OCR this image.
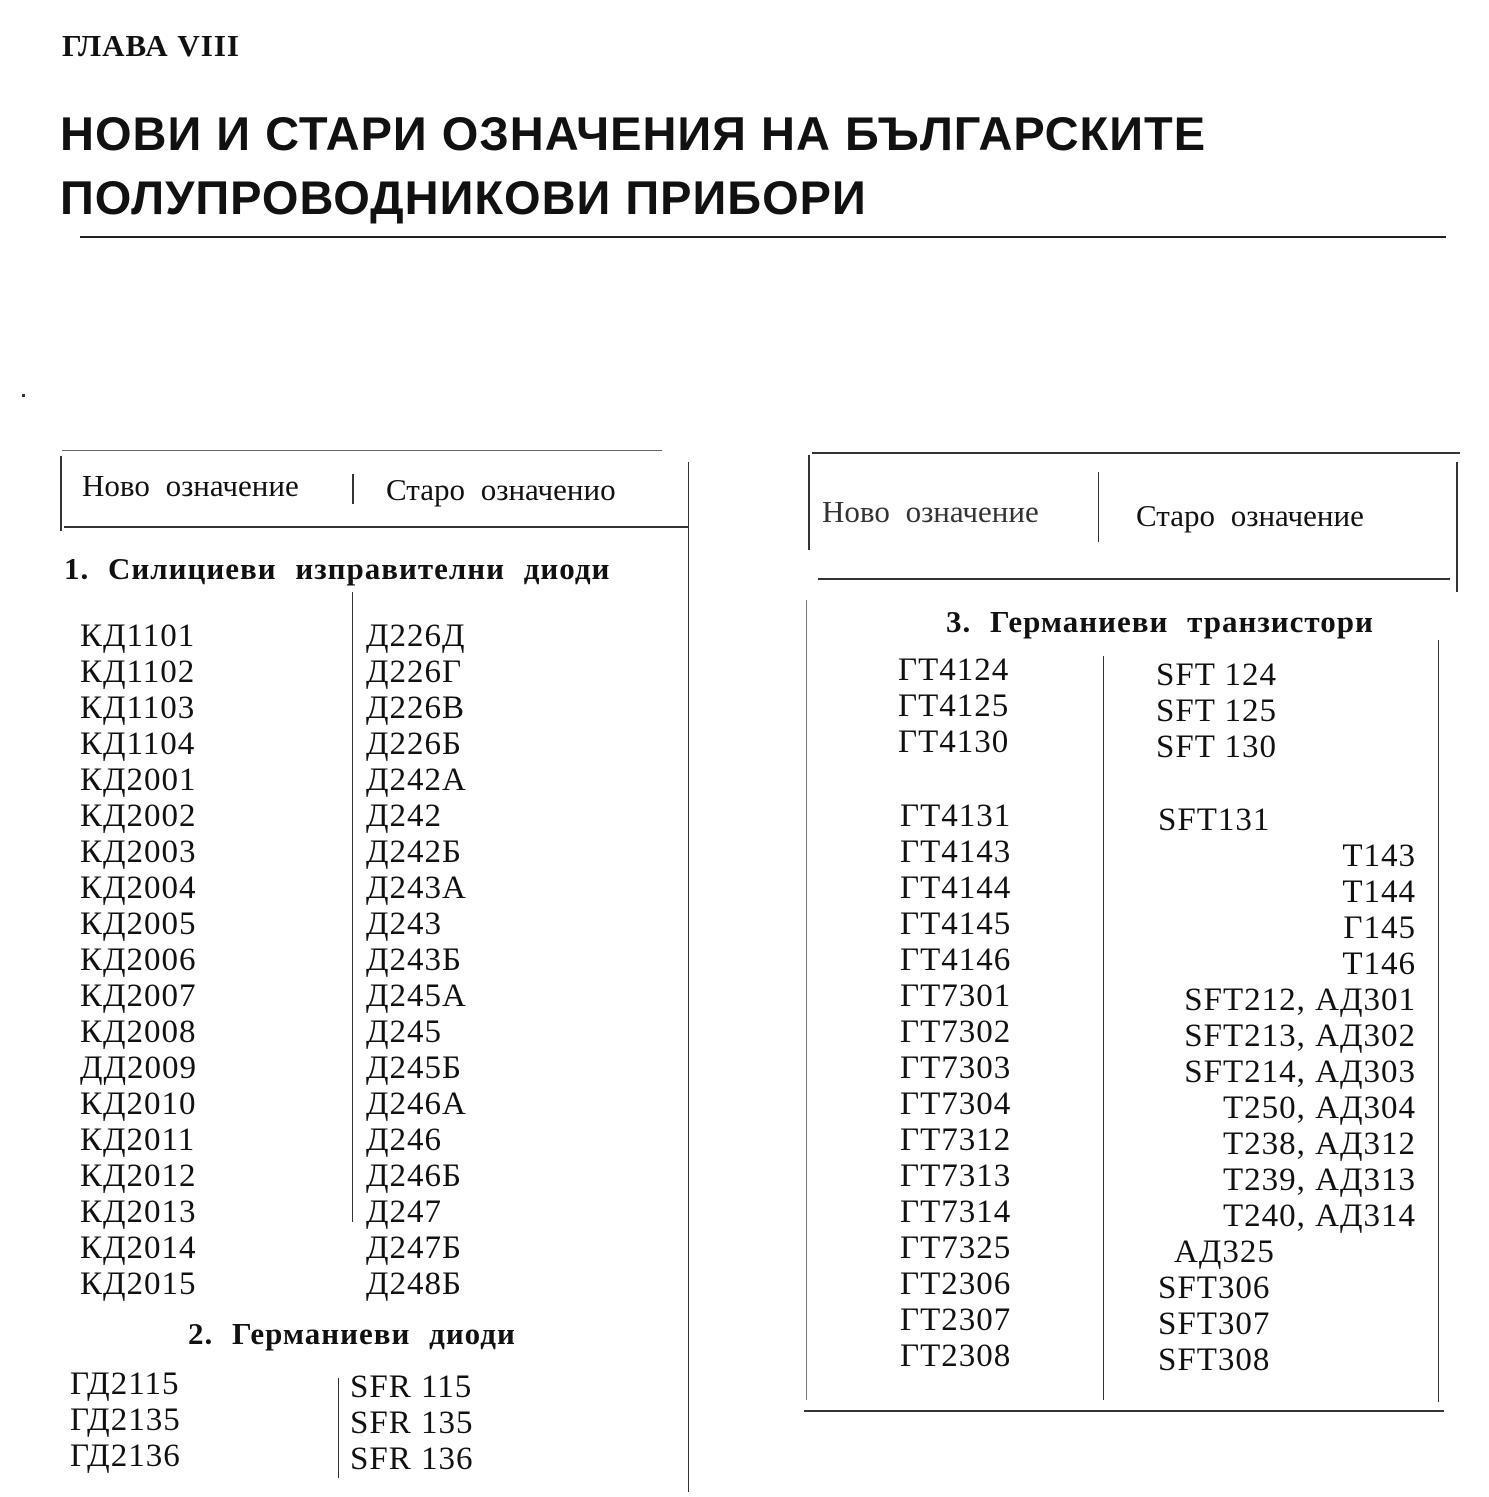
ГЛАВА VIII
НОВИ И СТАРИ ОЗНАЧЕНИЯ НА БЪЛГАРСКИТЕ
ПОЛУПРОВОДНИКОВИ ПРИБОРИ
Ново означение	Старо означенио
1. Силициеви изправителни диоди
КД1101
КД1102
КД1103
КД1104
КД2001
КД2002
КД2003
КД2004
КД2005
КД2006
КД2007
КД2008
ДД2009
КД2010
КД2011
КД2012
КД2013
КД2014
КД2015
Д226Д
Д226Г
Д226В
Д226Б
Д242А
Д242
Д242Б
Д243А
Д243
Д243Б
Д245А
Д245
Д245Б
Д246А
Д246
Д246Б
Д247
Д247Б
Д248Б
2. Германиеви диоди
ГД2115
ГД2135
ГД2136
SFR 115
SFR 135
SFR 136
Ново означение	Старо означение
3. Германиеви транзистори
ГТ4124
ГТ4125
ГТ4130
SFT 124
SFT 125
SFT 130
ГТ4131
ГТ4143
ГТ4144
ГТ4145
ГТ4146
ГТ7301
ГТ7302
ГТ7303
ГТ7304
ГТ7312
ГТ7313
ГТ7314
ГТ7325
ГТ2306
ГТ2307
ГТ2308
SFT131
Т143
Т144
Г145
Т146
SFT212, АД301
SFT213, АД302
SFT214, АД303
Т250, АД304
Т238, АД312
Т239, АД313
Т240, АД314
АД325
SFT306
SFT307
SFT308
